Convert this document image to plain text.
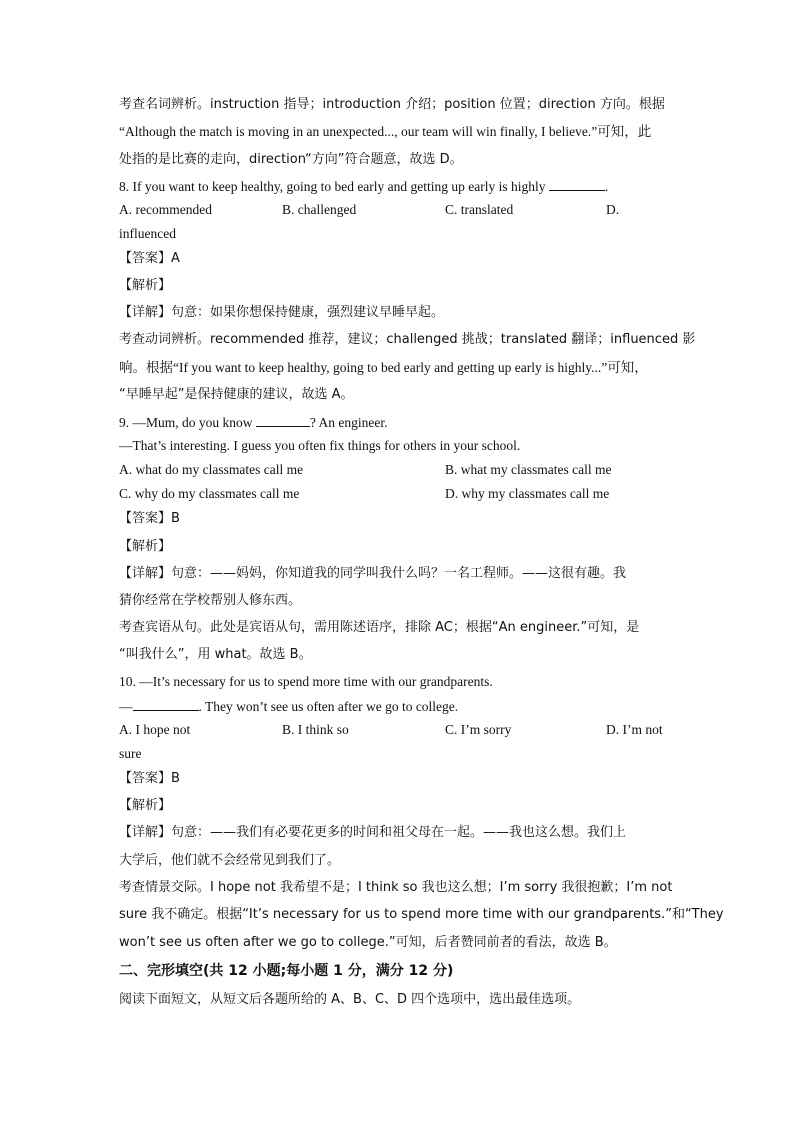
考查名词辨析。instruction 指导；introduction 介绍；position 位置；direction 方向。根据
“Although the match is moving in an unexpected..., our team will win finally, I believe.”可知，此
处指的是比赛的走向，direction“方向”符合题意，故选 D。
8. If you want to keep healthy, going to bed early and getting up early is highly	.
A. recommended	B. challenged	C. translated	D.
influenced
【答案】A
【解析】
【详解】句意：如果你想保持健康，强烈建议早睡早起。
考查动词辨析。recommended 推荐，建议；challenged 挑战；translated 翻译；influenced 影
响。根据“If you want to keep healthy, going to bed early and getting up early is highly...”可知，
“早睡早起”是保持健康的建议，故选 A。
9. —Mum, do you know	? An engineer.
—That’s interesting. I guess you often fix things for others in your school.
A. what do my classmates call me	B. what my classmates call me
C. why do my classmates call me	D. why my classmates call me
【答案】B
【解析】
【详解】句意：——妈妈，你知道我的同学叫我什么吗？一名工程师。——这很有趣。我
猜你经常在学校帮别人修东西。
考查宾语从句。此处是宾语从句，需用陈述语序，排除 AC；根据“An engineer.”可知，是
“叫我什么”，用 what。故选 B。
10. —It’s necessary for us to spend more time with our grandparents.
—	. They won’t see us often after we go to college.
A. I hope not	B. I think so	C. I’m sorry	D. I’m not
sure
【答案】B
【解析】
【详解】句意：——我们有必要花更多的时间和祖父母在一起。——我也这么想。我们上
大学后，他们就不会经常见到我们了。
考查情景交际。I hope not 我希望不是；I think so 我也这么想；I’m sorry 我很抱歉；I’m not
sure 我不确定。根据“It’s necessary for us to spend more time with our grandparents.”和“They
won’t see us often after we go to college.”可知，后者赞同前者的看法，故选 B。
二、完形填空(共 12 小题;每小题 1 分，满分 12 分)
阅读下面短文，从短文后各题所给的 A、B、C、D 四个选项中，选出最佳选项。
